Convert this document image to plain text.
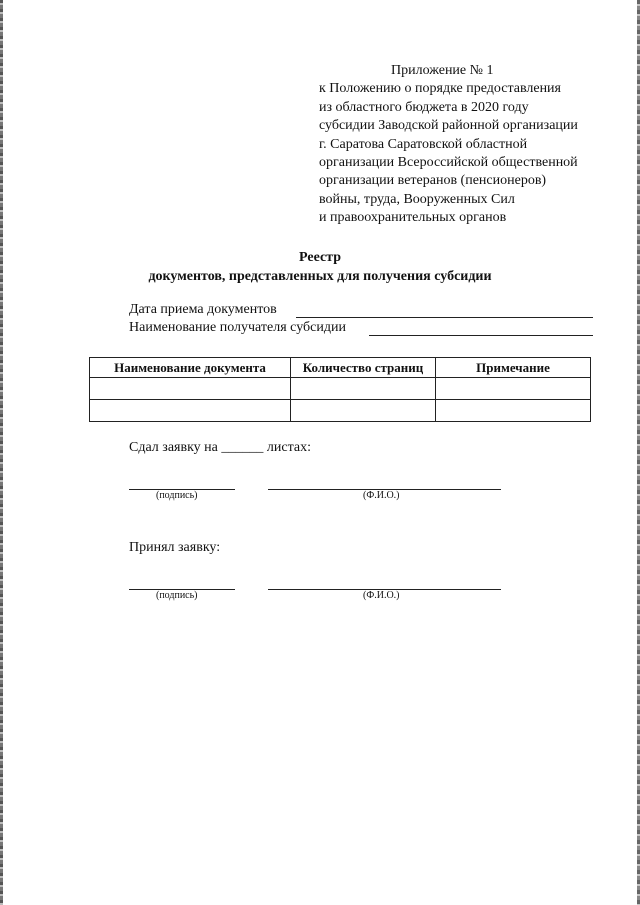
Приложение № 1
к Положению о порядке предоставления
из областного бюджета в 2020 году
субсидии Заводской районной организации
г. Саратова Саратовской областной
организации Всероссийской общественной
организации ветеранов (пенсионеров)
войны, труда, Вооруженных Сил
и правоохранительных органов
Реестр
документов, представленных для получения субсидии
Дата приема документов
Наименование получателя субсидии
Наименование документа	Количество страниц	Примечание

Сдал заявку на ______ листах:
(подпись)	(Ф.И.О.)
Принял заявку:
(подпись)	(Ф.И.О.)
